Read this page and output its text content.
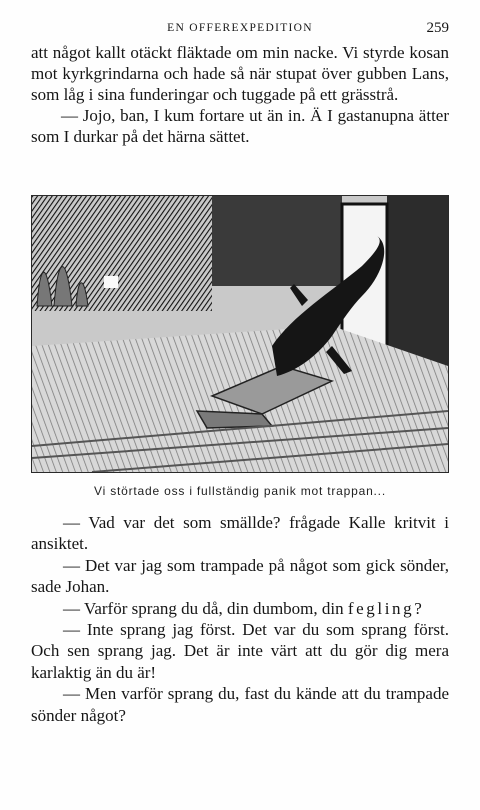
EN OFFEREXPEDITION	259

att något kallt otäckt fläktade om min nacke. Vi styrde kosan mot kyrkgrindarna och hade så när stupat över gubben Lans, som låg i sina funderingar och tuggade på ett grässtrå.

— Jojo, ban, I kum fortare ut än in. Ä I gastanupna ätter som I durkar på det härna sättet.

Vi störtade oss i fullständig panik mot trappan...

— Vad var det som smällde? frågade Kalle kritvit i ansiktet.

— Det var jag som trampade på något som gick sönder, sade Johan.

— Varför sprang du då, din dumbom, din fegling?

— Inte sprang jag först. Det var du som sprang först. Och sen sprang jag. Det är inte värt att du gör dig mera karlaktig än du är!

— Men varför sprang du, fast du kände att du trampade sönder något?
